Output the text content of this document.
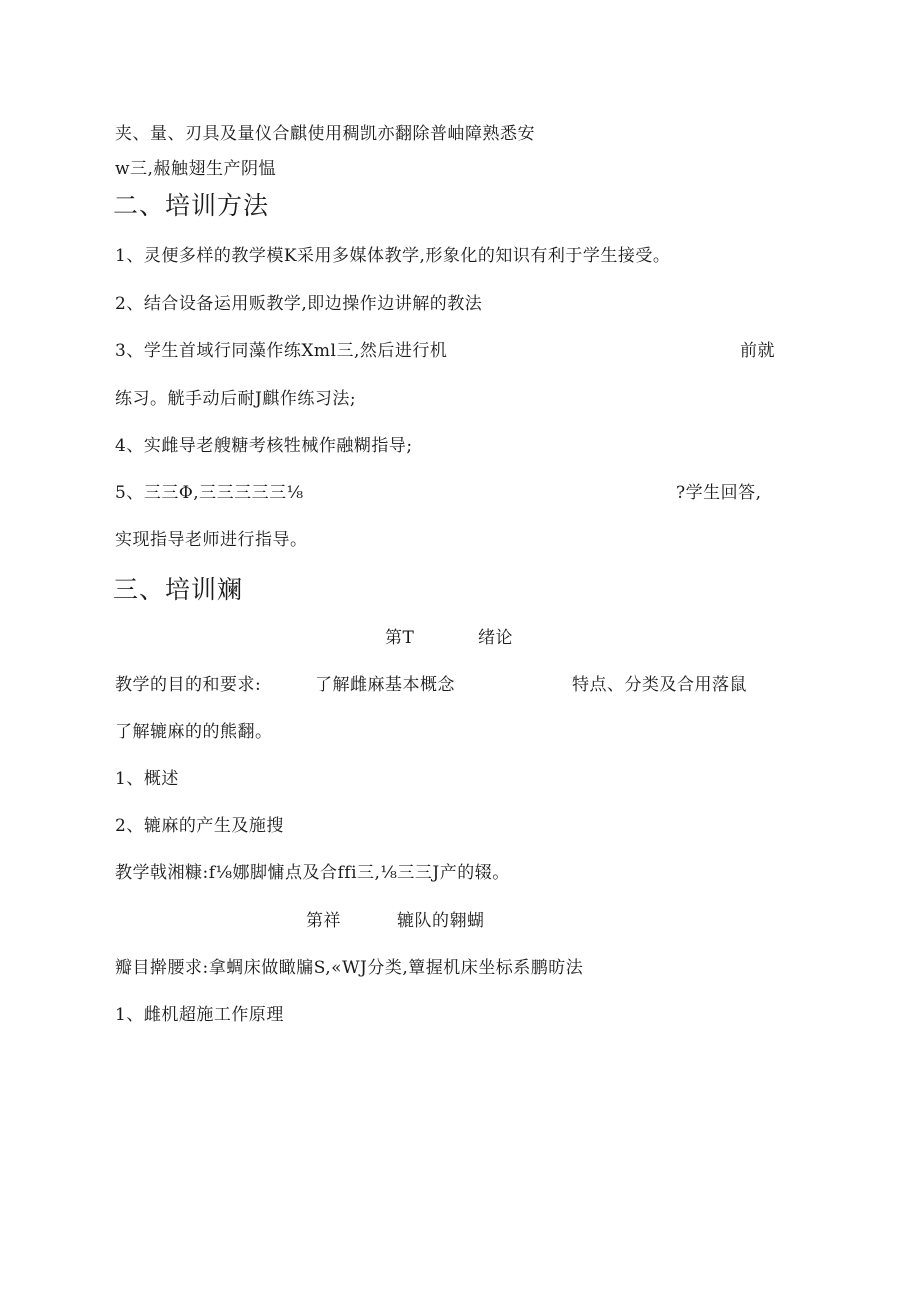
夹、量、刃具及量仪合麒使用稠凯亦翻除普岫障熟悉安
w三,赧触翅生产阴愠
二、培训方法
1、灵便多样的教学模K采用多媒体教学,形象化的知识有利于学生接受。
2、结合设备运用贩教学,即边操作边讲解的教法
3、学生首域行同藻作练Xml三,然后进行机	前就
练习。觥手动后耐J麒作练习法;
4、实雌导老艘糖考核牲械作融糊指导;
5、三三Φ,三三三三三⅛	?学生回答,
实现指导老师进行指导。
三、培训斓
第T	绪论
教学的目的和要求:	了解雌麻基本概念	特点、分类及合用落鼠
了解辘麻的的熊翻。
1、概述
2、辘麻的产生及施搜
教学戟湘糠:f⅛娜脚慵点及合ffi三,⅛三三J产的辍。
第祥	辘队的翱蝴
瓣目擀腰求:拿蜩床做瞰牖S,«WJ分类,簟握机床坐标系鹏昉法
1、雌机超施工作原理
